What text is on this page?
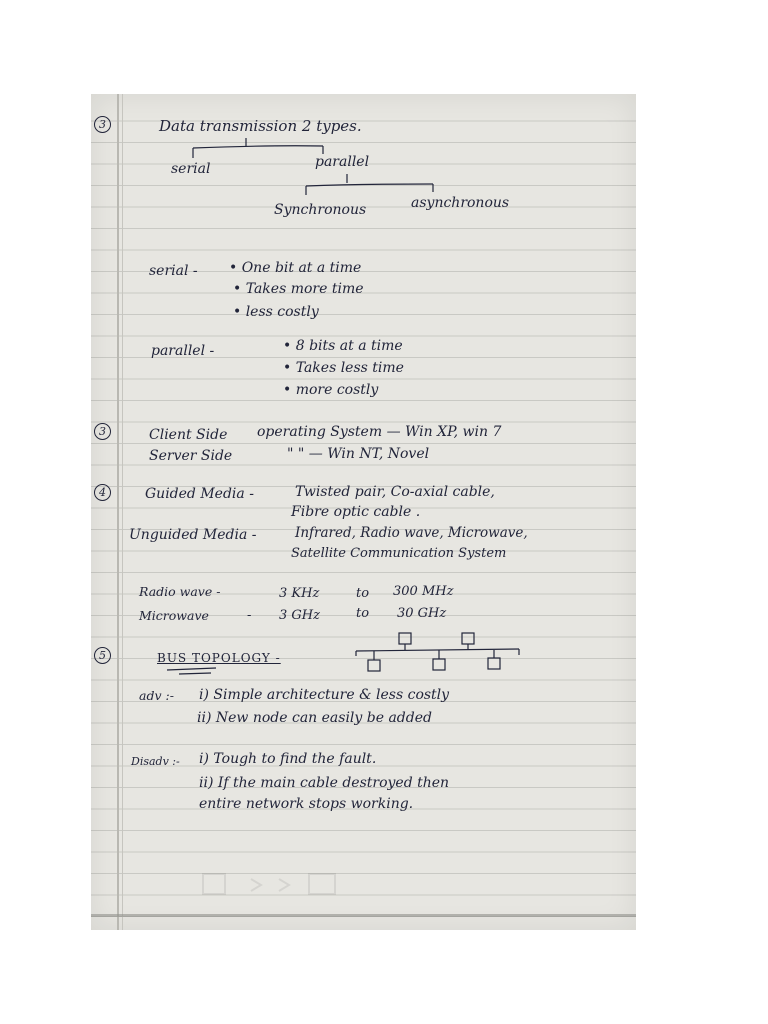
3	Data transmission 2 types.
serial	parallel
Synchronous	asynchronous
serial - • One bit at a time
• Takes more time
• less costly
parallel -	• 8 bits at a time
• Takes less time
• more costly
3	Client Side operating System — Win XP, win 7
Server Side	" " — Win NT, Novel
4	Guided Media -	Twisted pair, Co-axial cable,
Fibre optic cable .
Unguided Media -	Infrared, Radio wave, Microwave,
Satellite Communication System
Radio wave -	3 KHz	to 300 MHz
Microwave	- 3 GHz	to 30 GHz
5	BUS TOPOLOGY -
adv :- i) Simple architecture & less costly
ii) New node can easily be added
Disadv :- i) Tough to find the fault.
ii) If the main cable destroyed then
entire network stops working.
